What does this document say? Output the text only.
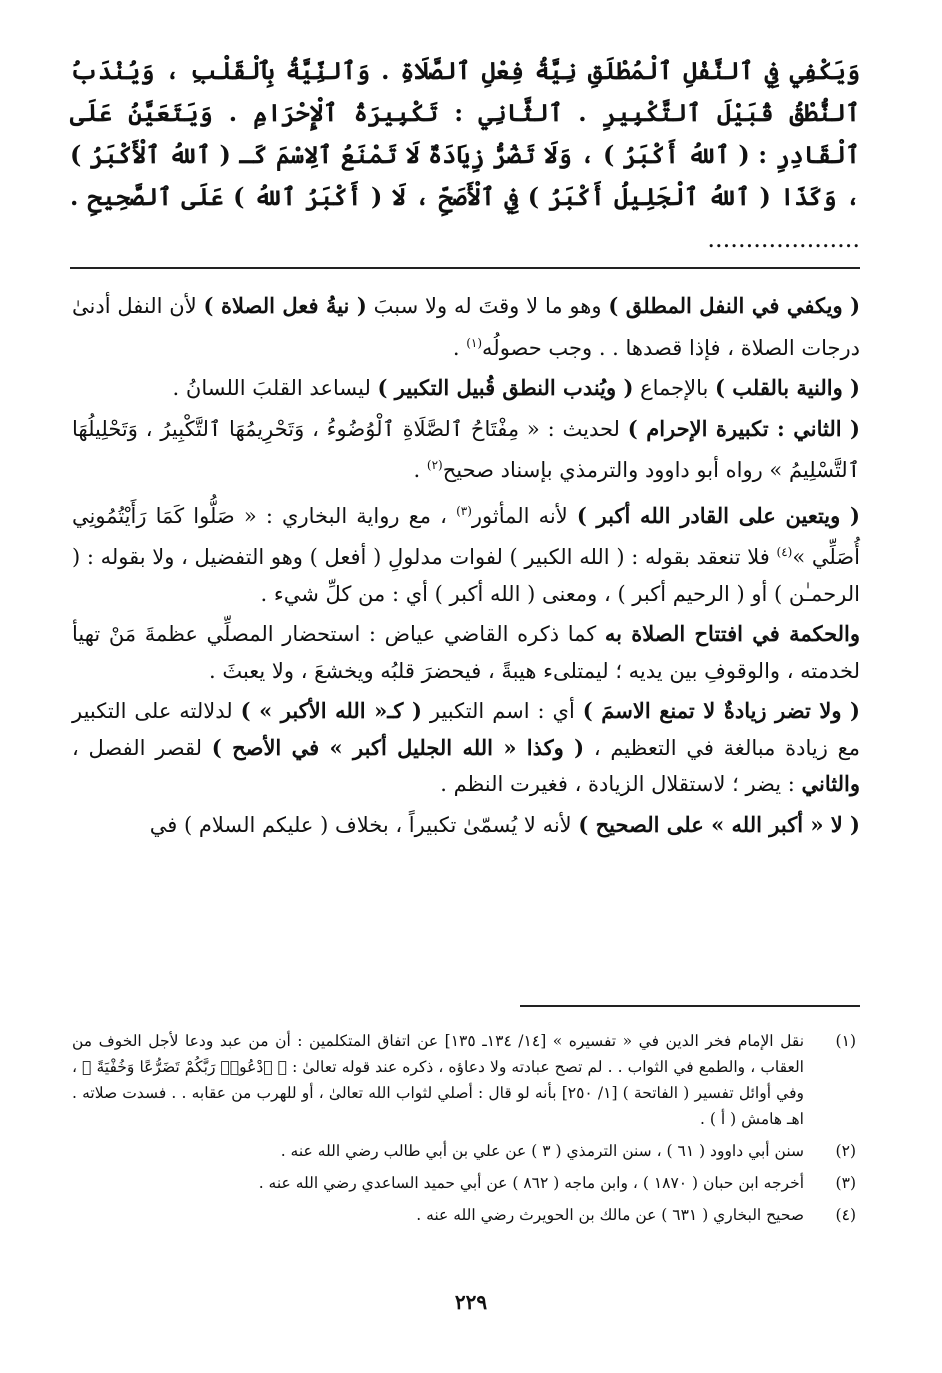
وَيَكْفِي فِي ٱلنَّفْلِ ٱلْمُطْلَقِ نِيَّةُ فِعْلِ ٱلصَّلَاةِ . وَٱلنِّيَّةُ بِٱلْقَلْبِ ، وَيُنْدَبُ ٱلنُّطْقُ قُبَيْلَ ٱلتَّكْبِيرِ . ٱلثَّانِي : تَكْبِيرَةُ ٱلْإِحْرَامِ . وَيَتَعَيَّنُ عَلَى ٱلْقَادِرِ : ( ٱللهُ أَكْبَرُ ) ، وَلَا تَضُرُّ زِيَادَةٌ لَا تَمْنَعُ ٱلِاسْمَ كَـ ( ٱللهُ ٱلْأَكْبَرُ ) ، وَكَذَا ( ٱللهُ ٱلْجَلِيلُ أَكْبَرُ ) فِي ٱلْأَصَحِّ ، لَا ( أَكْبَرُ ٱللهُ ) عَلَى ٱلصَّحِيحِ . ....................

( ويكفي في النفل المطلق ) وهو ما لا وقتَ له ولا سببَ ( نيةُ فعل الصلاة ) لأن النفل أدنىٰ درجات الصلاة ، فإذا قصدها . . وجب حصولُه$^{(١)}$ .

( والنية بالقلب ) بالإجماع ( ويُندب النطق قُبيل التكبير ) ليساعد القلبَ اللسانُ .

( الثاني : تكبيرة الإحرام ) لحديث : « مِفْتَاحُ ٱلصَّلَاةِ ٱلْوُضُوءُ ، وَتَحْرِيمُهَا ٱلتَّكْبِيرُ ، وَتَحْلِيلُهَا ٱلتَّسْلِيمُ » رواه أبو داوود والترمذي بإسناد صحيح$^{(٢)}$ .

( ويتعين على القادر الله أكبر ) لأنه المأثور$^{(٣)}$ ، مع رواية البخاري : « صَلُّوا كَمَا رَأَيْتُمُونِي أُصَلِّي »$^{(٤)}$ فلا تنعقد بقوله : ( الله الكبير ) لفوات مدلولِ ( أفعل ) وهو التفضيل ، ولا بقوله : ( الرحمـٰن ) أو ( الرحيم أكبر ) ، ومعنى ( الله أكبر ) أي : من كلِّ شيء .

والحكمة في افتتاح الصلاة به كما ذكره القاضي عياض : استحضار المصلِّي عظمةَ مَنْ تهيأ لخدمته ، والوقوفِ بين يديه ؛ ليمتلىء هيبةً ، فيحضرَ قلبُه ويخشعَ ، ولا يعبثَ .

( ولا تضر زيادةٌ لا تمنع الاسمَ ) أي : اسم التكبير ( كـ« الله الأكبر » ) لدلالته على التكبير مع زيادة مبالغة في التعظيم ، ( وكذا « الله الجليل أكبر » في الأصح ) لقصر الفصل ، والثاني : يضر ؛ لاستقلال الزيادة ، فغيرت النظم .

( لا « أكبر الله » على الصحيح ) لأنه لا يُسمّىٰ تكبيراً ، بخلاف ( عليكم السلام ) في

(١)
نقل الإمام فخر الدين في « تفسيره » [١٤/ ١٣٤ـ ١٣٥] عن اتفاق المتكلمين : أن من عبد ودعا لأجل الخوف من العقاب ، والطمع في الثواب . . لم تصح عبادته ولا دعاؤه ، ذكره عند قوله تعالىٰ : ﴿ ٱدْعُوا۟ رَبَّكُمْ تَضَرُّعًا وَخُفْيَةً ﴾ ، وفي أوائل تفسير ( الفاتحة ) [١/ ٢٥٠] بأنه لو قال : أصلي لثواب الله تعالىٰ ، أو للهرب من عقابه . . فسدت صلاته . اهـ هامش ( أ ) .
(٢)
سنن أبي داوود ( ٦١ ) ، سنن الترمذي ( ٣ ) عن علي بن أبي طالب رضي الله عنه .
(٣)
أخرجه ابن حبان ( ١٨٧٠ ) ، وابن ماجه ( ٨٦٢ ) عن أبي حميد الساعدي رضي الله عنه .
(٤)
صحيح البخاري ( ٦٣١ ) عن مالك بن الحويرث رضي الله عنه .
٢٢٩
